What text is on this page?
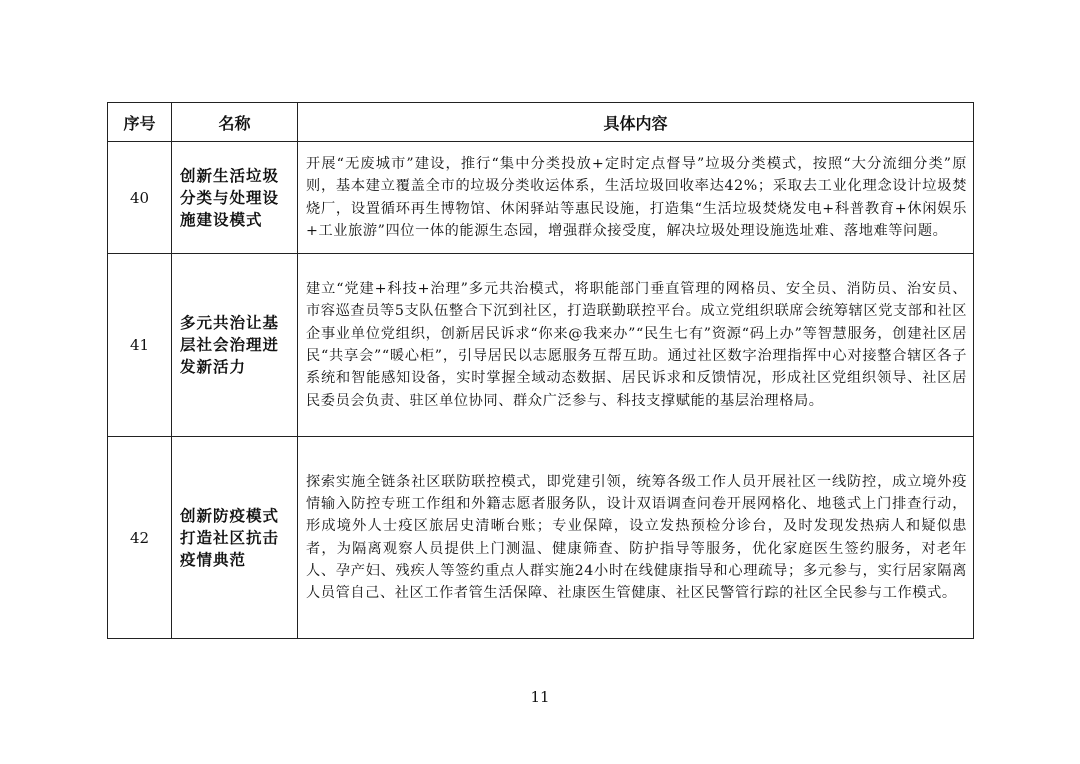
序号	名称	具体内容
40	创新生活垃圾分类与处理设施建设模式	开展“无废城市”建设，推行“集中分类投放+定时定点督导”垃圾分类模式，按照“大分流细分类”原则，基本建立覆盖全市的垃圾分类收运体系，生活垃圾回收率达42%；采取去工业化理念设计垃圾焚烧厂，设置循环再生博物馆、休闲驿站等惠民设施，打造集“生活垃圾焚烧发电+科普教育+休闲娱乐+工业旅游”四位一体的能源生态园，增强群众接受度，解决垃圾处理设施选址难、落地难等问题。
41	多元共治让基层社会治理迸发新活力	建立“党建+科技+治理”多元共治模式，将职能部门垂直管理的网格员、安全员、消防员、治安员、市容巡查员等5支队伍整合下沉到社区，打造联勤联控平台。成立党组织联席会统筹辖区党支部和社区企事业单位党组织，创新居民诉求“你来@我来办”“民生七有”资源“码上办”等智慧服务，创建社区居民“共享会”“暖心柜”，引导居民以志愿服务互帮互助。通过社区数字治理指挥中心对接整合辖区各子系统和智能感知设备，实时掌握全域动态数据、居民诉求和反馈情况，形成社区党组织领导、社区居民委员会负责、驻区单位协同、群众广泛参与、科技支撑赋能的基层治理格局。
42	创新防疫模式打造社区抗击疫情典范	探索实施全链条社区联防联控模式，即党建引领，统筹各级工作人员开展社区一线防控，成立境外疫情输入防控专班工作组和外籍志愿者服务队，设计双语调查问卷开展网格化、地毯式上门排查行动，形成境外人士疫区旅居史清晰台账；专业保障，设立发热预检分诊台，及时发现发热病人和疑似患者，为隔离观察人员提供上门测温、健康筛查、防护指导等服务，优化家庭医生签约服务，对老年人、孕产妇、残疾人等签约重点人群实施24小时在线健康指导和心理疏导；多元参与，实行居家隔离人员管自己、社区工作者管生活保障、社康医生管健康、社区民警管行踪的社区全民参与工作模式。
11
